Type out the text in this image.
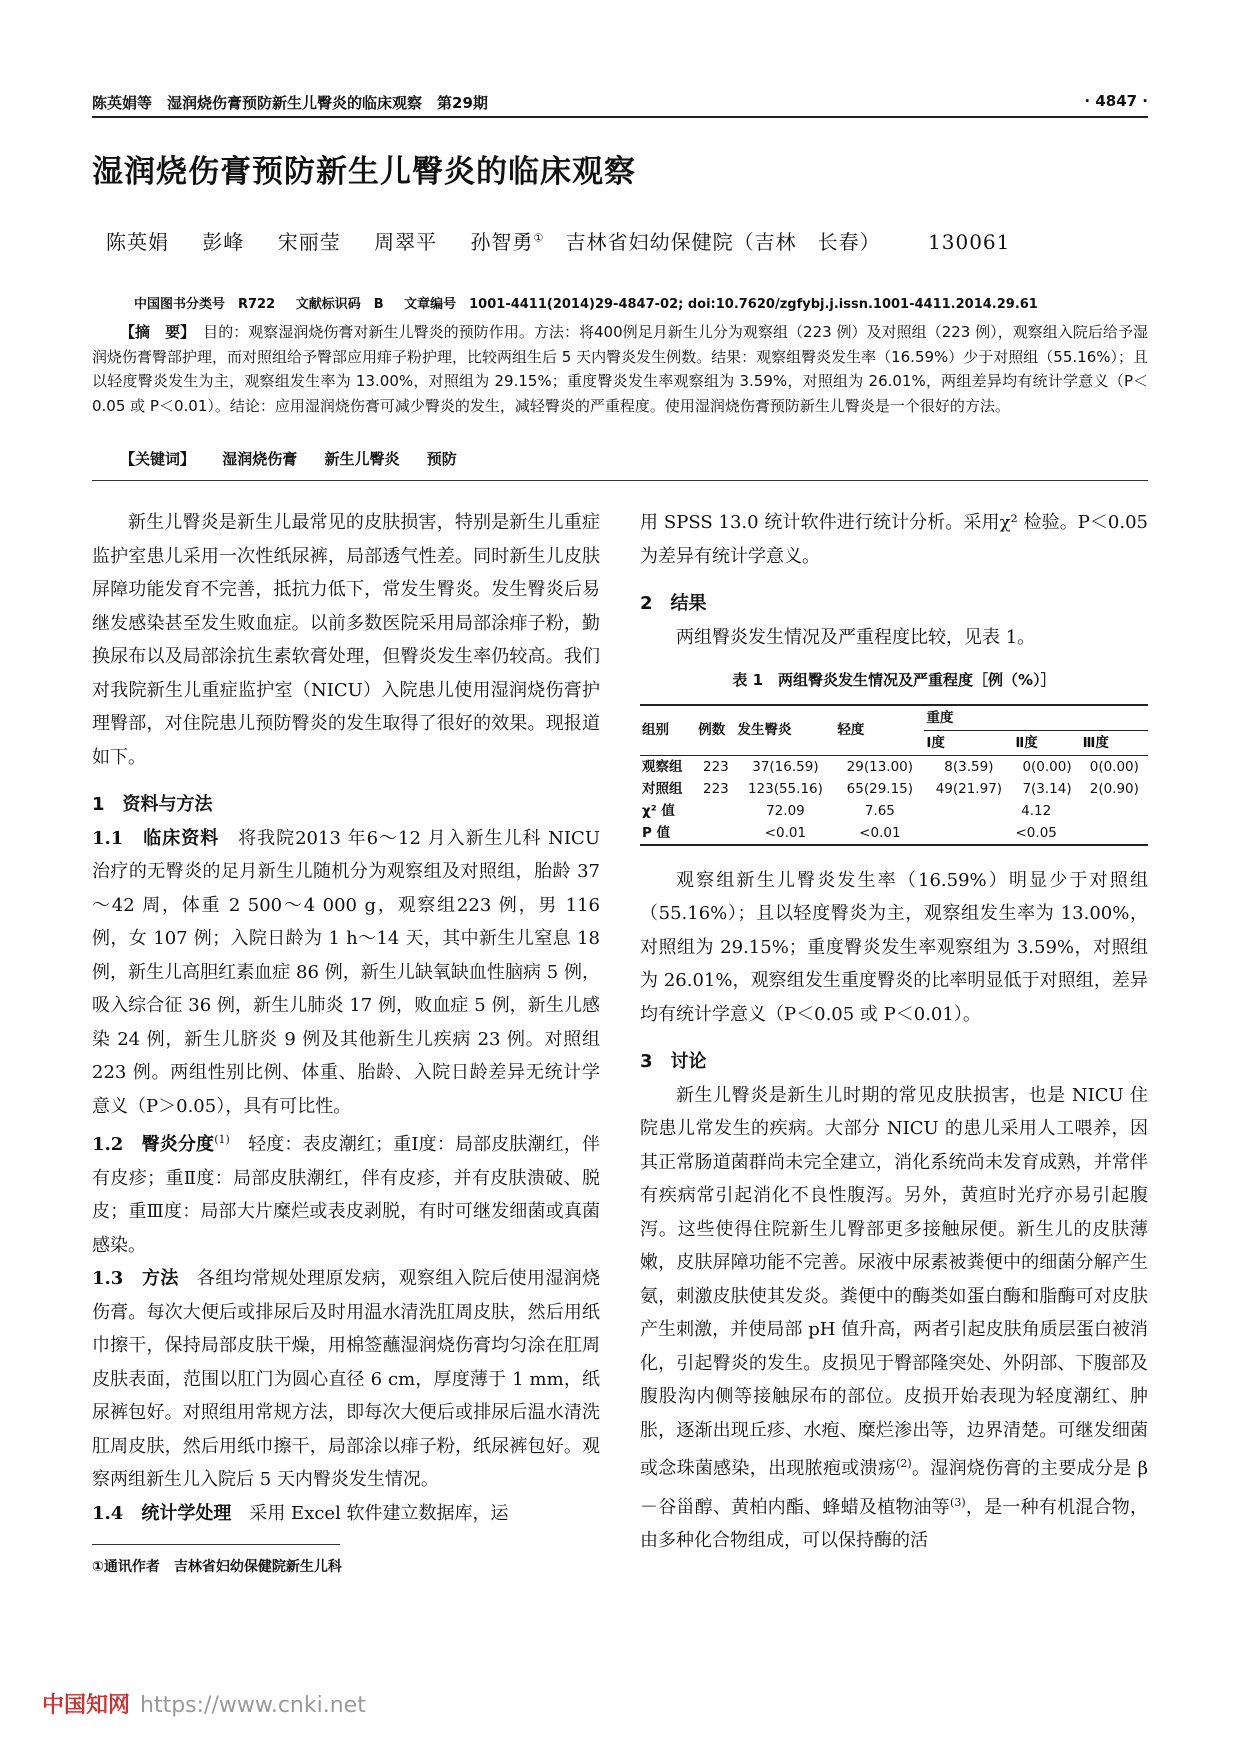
陈英娟等　湿润烧伤膏预防新生儿臀炎的临床观察　第29期	· 4847 ·
湿润烧伤膏预防新生儿臀炎的临床观察
陈英娟 彭峰 宋丽莹 周翠平 孙智勇① 吉林省妇幼保健院（吉林　长春） 130061
中国图书分类号　R722 文献标识码　B 文章编号　1001-4411(2014)29-4847-02; doi:10.7620/zgfybj.j.issn.1001-4411.2014.29.61
【摘　要】 目的：观察湿润烧伤膏对新生儿臀炎的预防作用。方法：将400例足月新生儿分为观察组（223 例）及对照组（223 例），观察组入院后给予湿润烧伤膏臀部护理，而对照组给予臀部应用痱子粉护理，比较两组生后 5 天内臀炎发生例数。结果：观察组臀炎发生率（16.59%）少于对照组（55.16%）；且以轻度臀炎发生为主，观察组发生率为 13.00%，对照组为 29.15%；重度臀炎发生率观察组为 3.59%，对照组为 26.01%，两组差异均有统计学意义（P＜0.05 或 P＜0.01）。结论：应用湿润烧伤膏可减少臀炎的发生，减轻臀炎的严重程度。使用湿润烧伤膏预防新生儿臀炎是一个很好的方法。
【关键词】 湿润烧伤膏 新生儿臀炎 预防

新生儿臀炎是新生儿最常见的皮肤损害，特别是新生儿重症监护室患儿采用一次性纸尿裤，局部透气性差。同时新生儿皮肤屏障功能发育不完善，抵抗力低下，常发生臀炎。发生臀炎后易继发感染甚至发生败血症。以前多数医院采用局部涂痱子粉，勤换尿布以及局部涂抗生素软膏处理，但臀炎发生率仍较高。我们对我院新生儿重症监护室（NICU）入院患儿使用湿润烧伤膏护理臀部，对住院患儿预防臀炎的发生取得了很好的效果。现报道如下。

1　资料与方法

1.1　临床资料　 将我院2013 年6～12 月入新生儿科 NICU 治疗的无臀炎的足月新生儿随机分为观察组及对照组，胎龄 37～42 周，体重 2 500～4 000 g，观察组223 例，男 116 例，女 107 例；入院日龄为 1 h～14 天，其中新生儿窒息 18 例，新生儿高胆红素血症 86 例，新生儿缺氧缺血性脑病 5 例，吸入综合征 36 例，新生儿肺炎 17 例，败血症 5 例，新生儿感染 24 例，新生儿脐炎 9 例及其他新生儿疾病 23 例。对照组 223 例。两组性别比例、体重、胎龄、入院日龄差异无统计学意义（P＞0.05），具有可比性。

1.2　臀炎分度$^{(1)}$　 轻度：表皮潮红；重Ⅰ度：局部皮肤潮红，伴有皮疹；重Ⅱ度：局部皮肤潮红，伴有皮疹，并有皮肤溃破、脱皮；重Ⅲ度：局部大片糜烂或表皮剥脱，有时可继发细菌或真菌感染。

1.3　方法　 各组均常规处理原发病，观察组入院后使用湿润烧伤膏。每次大便后或排尿后及时用温水清洗肛周皮肤，然后用纸巾擦干，保持局部皮肤干燥，用棉签蘸湿润烧伤膏均匀涂在肛周皮肤表面，范围以肛门为圆心直径 6 cm，厚度薄于 1 mm，纸尿裤包好。对照组用常规方法，即每次大便后或排尿后温水清洗肛周皮肤，然后用纸巾擦干，局部涂以痱子粉，纸尿裤包好。观察两组新生儿入院后 5 天内臀炎发生情况。

1.4　统计学处理　 采用 Excel 软件建立数据库，运

用 SPSS 13.0 统计软件进行统计分析。采用χ² 检验。P＜0.05 为差异有统计学意义。

2　结果

两组臀炎发生情况及严重程度比较，见表 1。

表 1　两组臀炎发生情况及严重程度［例（%）］
组别	例数	发生臀炎	轻度	重度		
				Ⅰ度	Ⅱ度	Ⅲ度
观察组	223	37(16.59)	29(13.00)	8(3.59)	0(0.00)	0(0.00)
对照组	223	123(55.16)	65(29.15)	49(21.97)	7(3.14)	2(0.90)
χ² 值		72.09	7.65	4.12		
P 值		<0.01	<0.01	<0.05		

观察组新生儿臀炎发生率（16.59%）明显少于对照组（55.16%）；且以轻度臀炎为主，观察组发生率为 13.00%，对照组为 29.15%；重度臀炎发生率观察组为 3.59%，对照组为 26.01%，观察组发生重度臀炎的比率明显低于对照组，差异均有统计学意义（P＜0.05 或 P＜0.01）。

3　讨论

新生儿臀炎是新生儿时期的常见皮肤损害，也是 NICU 住院患儿常发生的疾病。大部分 NICU 的患儿采用人工喂养，因其正常肠道菌群尚未完全建立，消化系统尚未发育成熟，并常伴有疾病常引起消化不良性腹泻。另外，黄疸时光疗亦易引起腹泻。这些使得住院新生儿臀部更多接触尿便。新生儿的皮肤薄嫩，皮肤屏障功能不完善。尿液中尿素被粪便中的细菌分解产生氨，刺激皮肤使其发炎。粪便中的酶类如蛋白酶和脂酶可对皮肤产生刺激，并使局部 pH 值升高，两者引起皮肤角质层蛋白被消化，引起臀炎的发生。皮损见于臀部隆突处、外阴部、下腹部及腹股沟内侧等接触尿布的部位。皮损开始表现为轻度潮红、肿胀，逐渐出现丘疹、水疱、糜烂渗出等，边界清楚。可继发细菌或念珠菌感染，出现脓疱或溃疡$^{(2)}$。湿润烧伤膏的主要成分是 β－谷甾醇、黄柏内酯、蜂蜡及植物油等$^{(3)}$，是一种有机混合物，由多种化合物组成，可以保持酶的活

①通讯作者　吉林省妇幼保健院新生儿科
中国知网 https://www.cnki.net
